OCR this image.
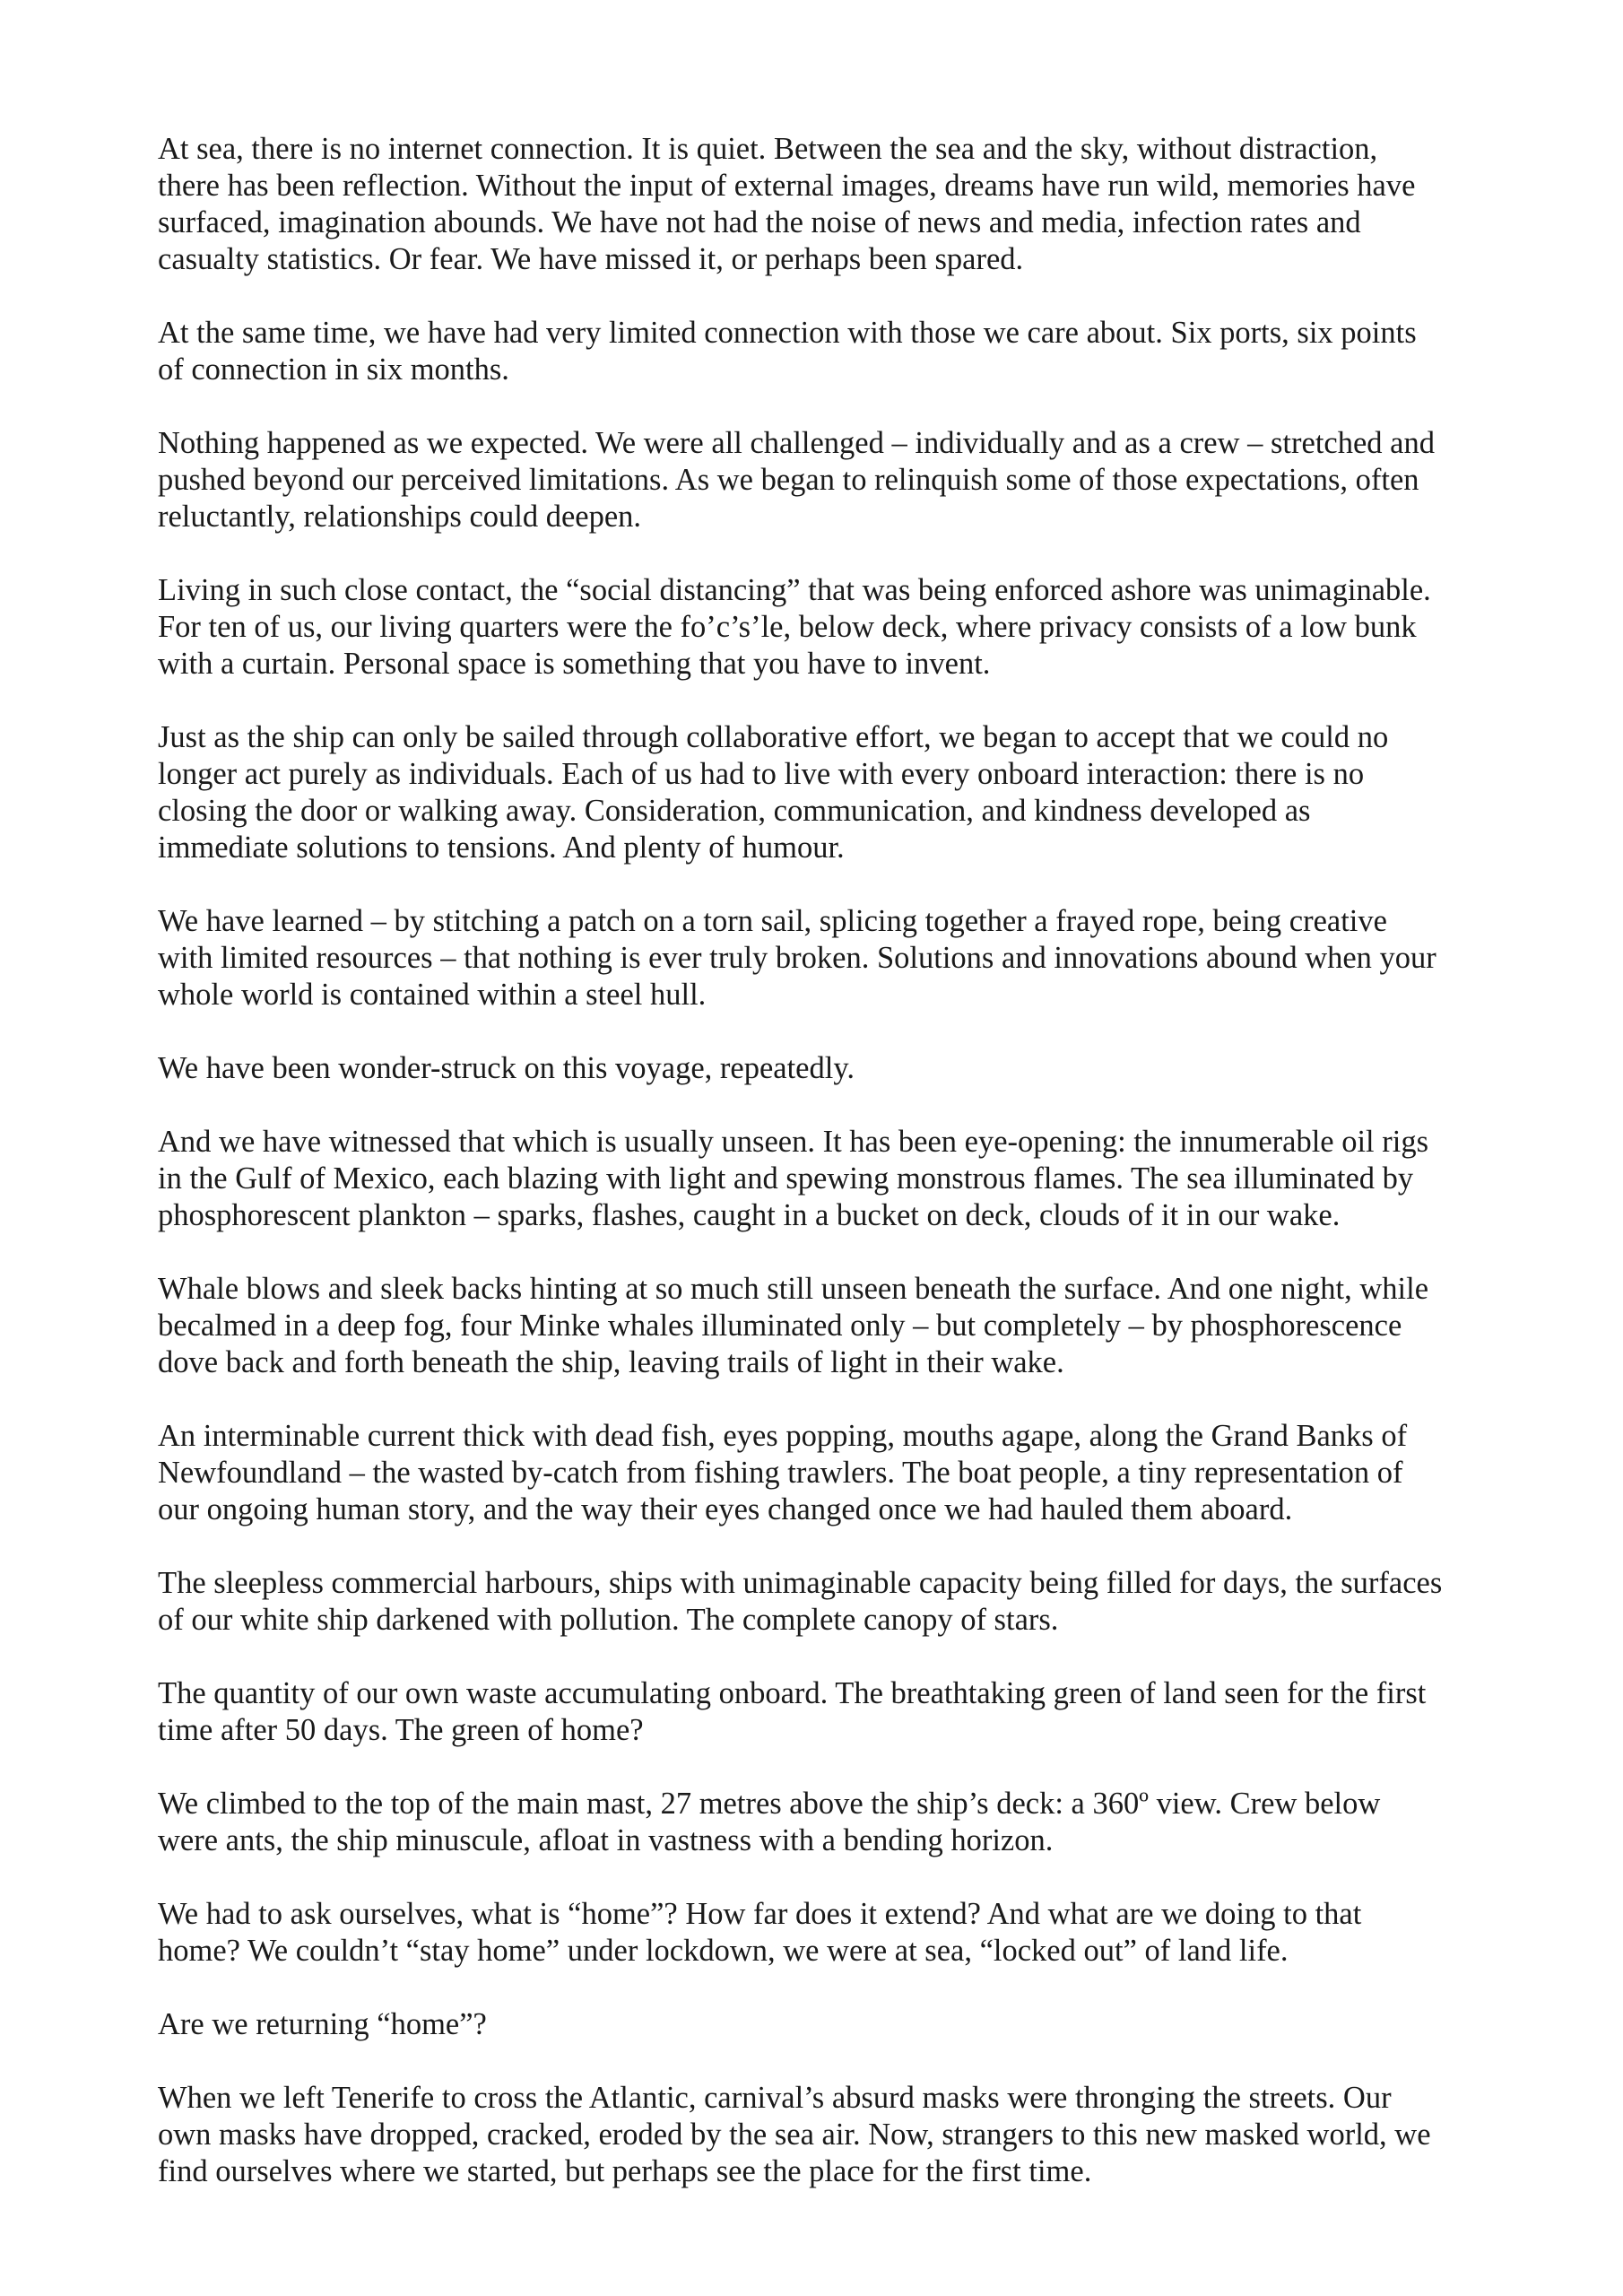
At sea, there is no internet connection. It is quiet. Between the sea and the sky, without distraction,
there has been reflection. Without the input of external images, dreams have run wild, memories have
surfaced, imagination abounds. We have not had the noise of news and media, infection rates and
casualty statistics. Or fear. We have missed it, or perhaps been spared.

At the same time, we have had very limited connection with those we care about. Six ports, six points
of connection in six months.

Nothing happened as we expected. We were all challenged – individually and as a crew – stretched and
pushed beyond our perceived limitations. As we began to relinquish some of those expectations, often
reluctantly, relationships could deepen.

Living in such close contact, the “social distancing” that was being enforced ashore was unimaginable.
For ten of us, our living quarters were the fo’c’s’le, below deck, where privacy consists of a low bunk
with a curtain. Personal space is something that you have to invent.

Just as the ship can only be sailed through collaborative effort, we began to accept that we could no
longer act purely as individuals. Each of us had to live with every onboard interaction: there is no
closing the door or walking away. Consideration, communication, and kindness developed as
immediate solutions to tensions. And plenty of humour.

We have learned – by stitching a patch on a torn sail, splicing together a frayed rope, being creative
with limited resources – that nothing is ever truly broken. Solutions and innovations abound when your
whole world is contained within a steel hull.

We have been wonder-struck on this voyage, repeatedly.

And we have witnessed that which is usually unseen. It has been eye-opening: the innumerable oil rigs
in the Gulf of Mexico, each blazing with light and spewing monstrous flames. The sea illuminated by
phosphorescent plankton – sparks, flashes, caught in a bucket on deck, clouds of it in our wake.

Whale blows and sleek backs hinting at so much still unseen beneath the surface. And one night, while
becalmed in a deep fog, four Minke whales illuminated only – but completely – by phosphorescence
dove back and forth beneath the ship, leaving trails of light in their wake.

An interminable current thick with dead fish, eyes popping, mouths agape, along the Grand Banks of
Newfoundland – the wasted by-catch from fishing trawlers. The boat people, a tiny representation of
our ongoing human story, and the way their eyes changed once we had hauled them aboard.

The sleepless commercial harbours, ships with unimaginable capacity being filled for days, the surfaces
of our white ship darkened with pollution. The complete canopy of stars.

The quantity of our own waste accumulating onboard. The breathtaking green of land seen for the first
time after 50 days. The green of home?

We climbed to the top of the main mast, 27 metres above the ship’s deck: a 360º view. Crew below
were ants, the ship minuscule, afloat in vastness with a bending horizon.

We had to ask ourselves, what is “home”? How far does it extend? And what are we doing to that
home? We couldn’t “stay home” under lockdown, we were at sea, “locked out” of land life.

Are we returning “home”?

When we left Tenerife to cross the Atlantic, carnival’s absurd masks were thronging the streets. Our
own masks have dropped, cracked, eroded by the sea air. Now, strangers to this new masked world, we
find ourselves where we started, but perhaps see the place for the first time.
